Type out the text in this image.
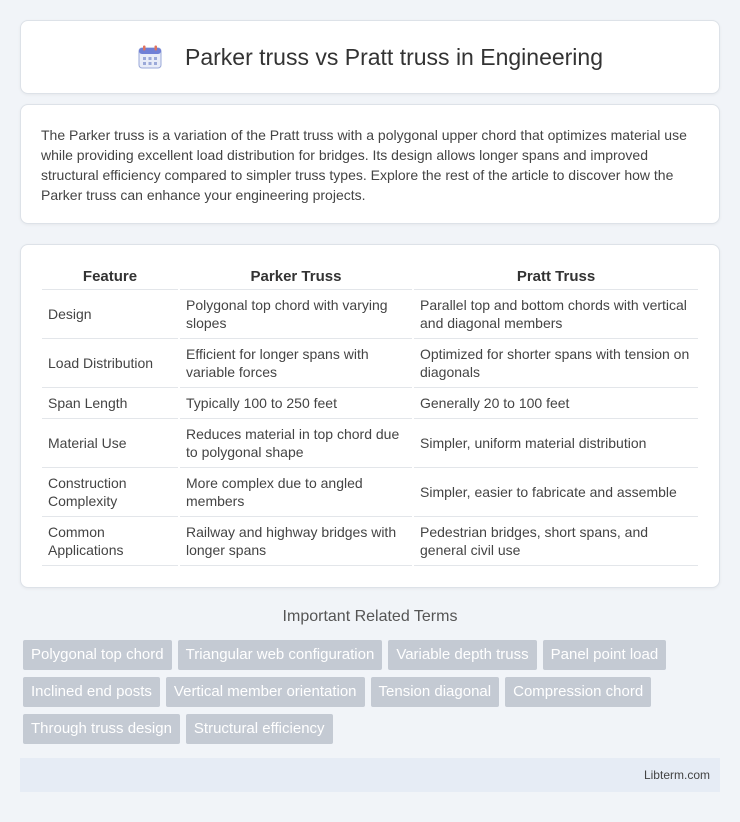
Parker truss vs Pratt truss in Engineering

The Parker truss is a variation of the Pratt truss with a polygonal upper chord that optimizes material use while providing excellent load distribution for bridges. Its design allows longer spans and improved structural efficiency compared to simpler truss types. Explore the rest of the article to discover how the Parker truss can enhance your engineering projects.

Feature	Parker Truss	Pratt Truss
Design	Polygonal top chord with varying slopes	Parallel top and bottom chords with vertical and diagonal members
Load Distribution	Efficient for longer spans with variable forces	Optimized for shorter spans with tension on diagonals
Span Length	Typically 100 to 250 feet	Generally 20 to 100 feet
Material Use	Reduces material in top chord due to polygonal shape	Simpler, uniform material distribution
Construction Complexity	More complex due to angled members	Simpler, easier to fabricate and assemble
Common Applications	Railway and highway bridges with longer spans	Pedestrian bridges, short spans, and general civil use
Important Related Terms
Polygonal top chord	Triangular web configuration	Variable depth truss	Panel point load
Inclined end posts	Vertical member orientation	Tension diagonal	Compression chord
Through truss design	Structural efficiency
Libterm.com
